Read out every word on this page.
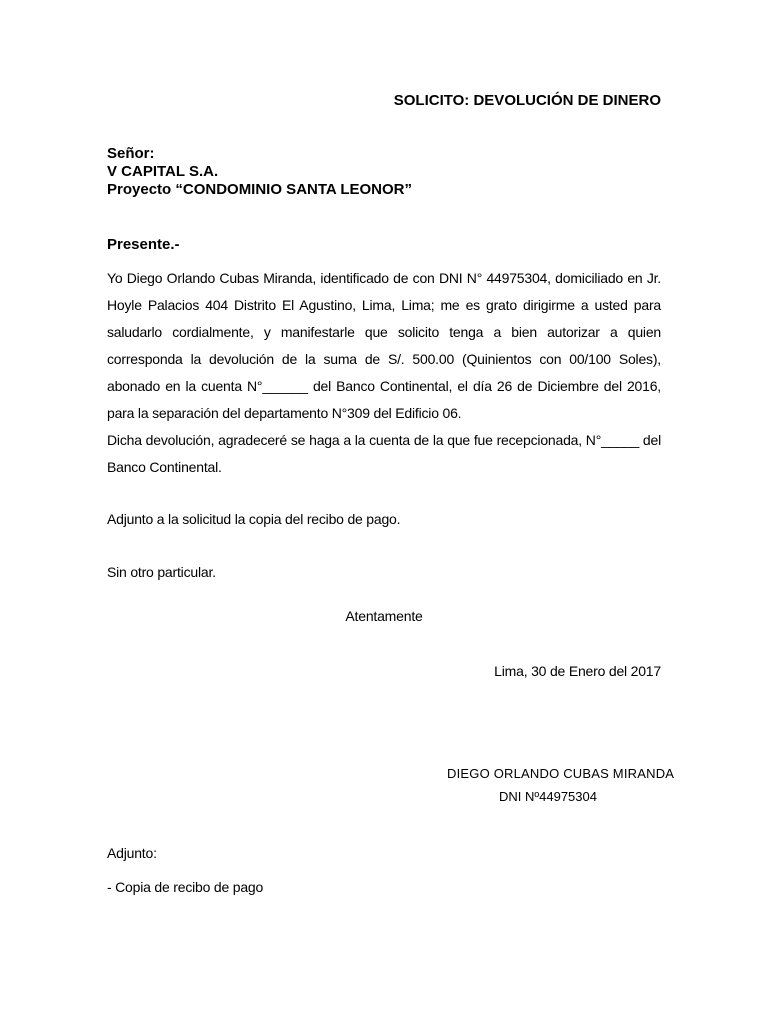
SOLICITO: DEVOLUCIÓN DE DINERO
Señor:
V CAPITAL S.A.
Proyecto “CONDOMINIO SANTA LEONOR”
Presente.-

Yo Diego Orlando Cubas Miranda, identificado de con DNI N° 44975304, domiciliado en Jr. Hoyle Palacios 404 Distrito El Agustino, Lima, Lima; me es grato dirigirme a usted para saludarlo cordialmente, y manifestarle que solicito tenga a bien autorizar a quien corresponda la devolución de la suma de S/. 500.00 (Quinientos con 00/100 Soles), abonado en la cuenta N°______ del Banco Continental, el día 26 de Diciembre del 2016, para la separación del departamento N°309 del Edificio 06.

Dicha devolución, agradeceré se haga a la cuenta de la que fue recepcionada, N°_____ del Banco Continental.

Adjunto a la solicitud la copia del recibo de pago.
Sin otro particular.
Atentamente
Lima, 30 de Enero del 2017
DIEGO ORLANDO CUBAS MIRANDA
DNI Nº44975304
Adjunto:
- Copia de recibo de pago
